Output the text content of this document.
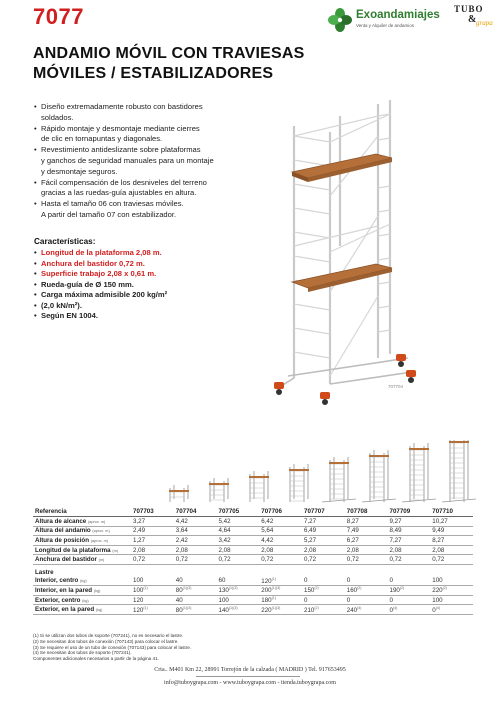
7077	Exoandamiajes
Venta y Alquiler de andamios
TUBO
& grapa
ANDAMIO MÓVIL CON TRAVIESAS
MÓVILES / ESTABILIZADORES
• Diseño extremadamente robusto con bastidores
soldados.
• Rápido montaje y desmontaje mediante cierres
de clic en tornapuntas y diagonales.
• Revestimiento antideslizante sobre plataformas
y ganchos de seguridad manuales para un montaje
y desmontaje seguros.
• Fácil compensación de los desniveles del terreno
gracias a las ruedas-guía ajustables en altura.
• Hasta el tamaño 06 con traviesas móviles.
A partir del tamaño 07 con estabilizador.
Características:
• Longitud de la plataforma 2,08 m.
• Anchura del bastidor 0,72 m.
• Superficie trabajo 2,08 x 0,61 m.
• Rueda-guía de Ø 150 mm.
• Carga máxima admisible 200 kg/m²
• (2,0 kN/m²).
• Según EN 1004.
707704
Referencia	707703	707704	707705	707706	707707	707708	707709	707710
Altura de alcance (aprox. m)	3,27	4,42	5,42	6,42	7,27	8,27	9,27	10,27
Altura del andamio (aprox. m)	2,49	3,64	4,64	5,64	6,49	7,49	8,49	9,49
Altura de posición (aprox. m)	1,27	2,42	3,42	4,42	5,27	6,27	7,27	8,27
Longitud de la plataforma (m)	2,08	2,08	2,08	2,08	2,08	2,08	2,08	2,08
Anchura del bastidor (m)	0,72	0,72	0,72	0,72	0,72	0,72	0,72	0,72
Lastre								
Interior, centro (kg)	100	40	60	120$^{(1)}$	0	0	0	100
Interior, en la pared (kg)	100$^{(1)}$	$80^{(1)(3)}$	$130^{(1)(3)}$	$200^{(1)(3)}$	150$^{(2)}$	160$^{(2)}$	190$^{(2)}$	220$^{(2)}$
Exterior, centro (kg)	120	40	100	180$^{(1)}$	0	0	0	100
Exterior, en la pared (kg)	120$^{(1)}$	$80^{(1)(3)}$	$140^{(1)(3)}$	$220^{(1)(3)}$	210$^{(2)}$	240$^{(4)}$	0$^{(4)}$	0$^{(4)}$
(1) Si se utilizan dos tubos de soporte (707241), no es necesario el lastre.
(2) Se necesitan dos tubos de conexión (707143) para colocar el lastre.
(3) Se requiere el uso de un tubo de conexión (707143) para colocar el lastre.
(4) Se necesitan dos tubos de soporte (707241).
Componentes adicionales necesarios a partir de la página 41.
Crta.. M401 Km 22, 28991 Torrejón de la calzada ( MADRID ) Tel. 917653495
info@tuboygrapa.com - www.tuboygrapa.com - tienda.tuboygrapa.com
